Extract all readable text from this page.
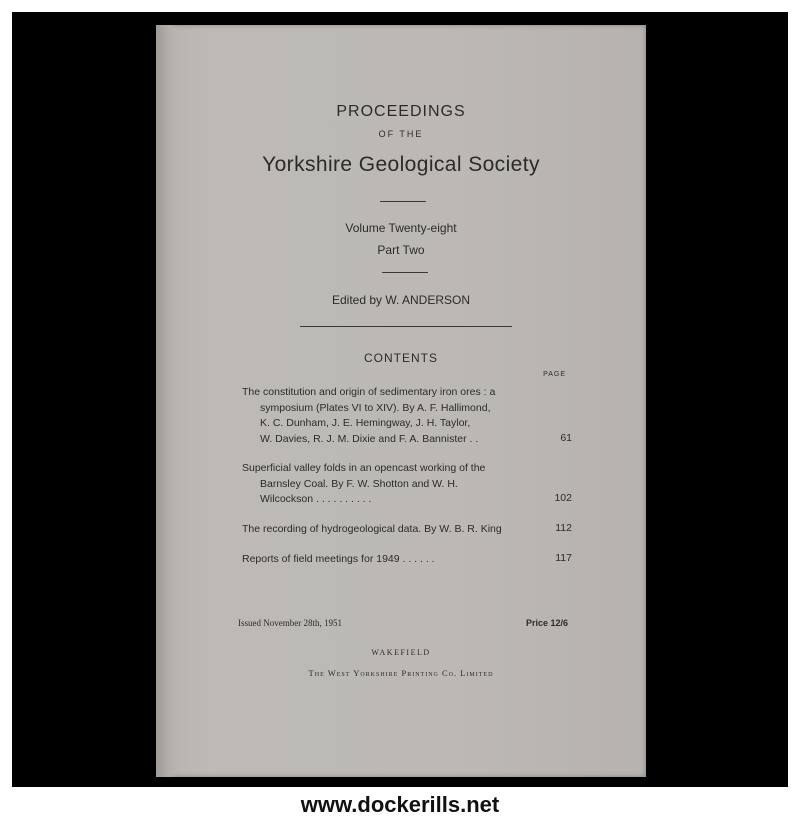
PROCEEDINGS
OF THE
Yorkshire Geological Society
Volume Twenty-eight
Part Two
Edited by W. ANDERSON
CONTENTS
PAGE
The constitution and origin of sedimentary iron ores : a
symposium (Plates VI to XIV). By A. F. Hallimond,
K. C. Dunham, J. E. Hemingway, J. H. Taylor,
W. Davies, R. J. M. Dixie and F. A. Bannister . .	61
Superficial valley folds in an opencast working of the
Barnsley Coal. By F. W. Shotton and W. H.
Wilcockson . . . . . . . . . .	102
The recording of hydrogeological data. By W. B. R. King	112
Reports of field meetings for 1949 . . . . . .	117
Issued November 28th, 1951	Price 12/6
WAKEFIELD
The West Yorkshire Printing Co. Limited
www.dockerills.net
